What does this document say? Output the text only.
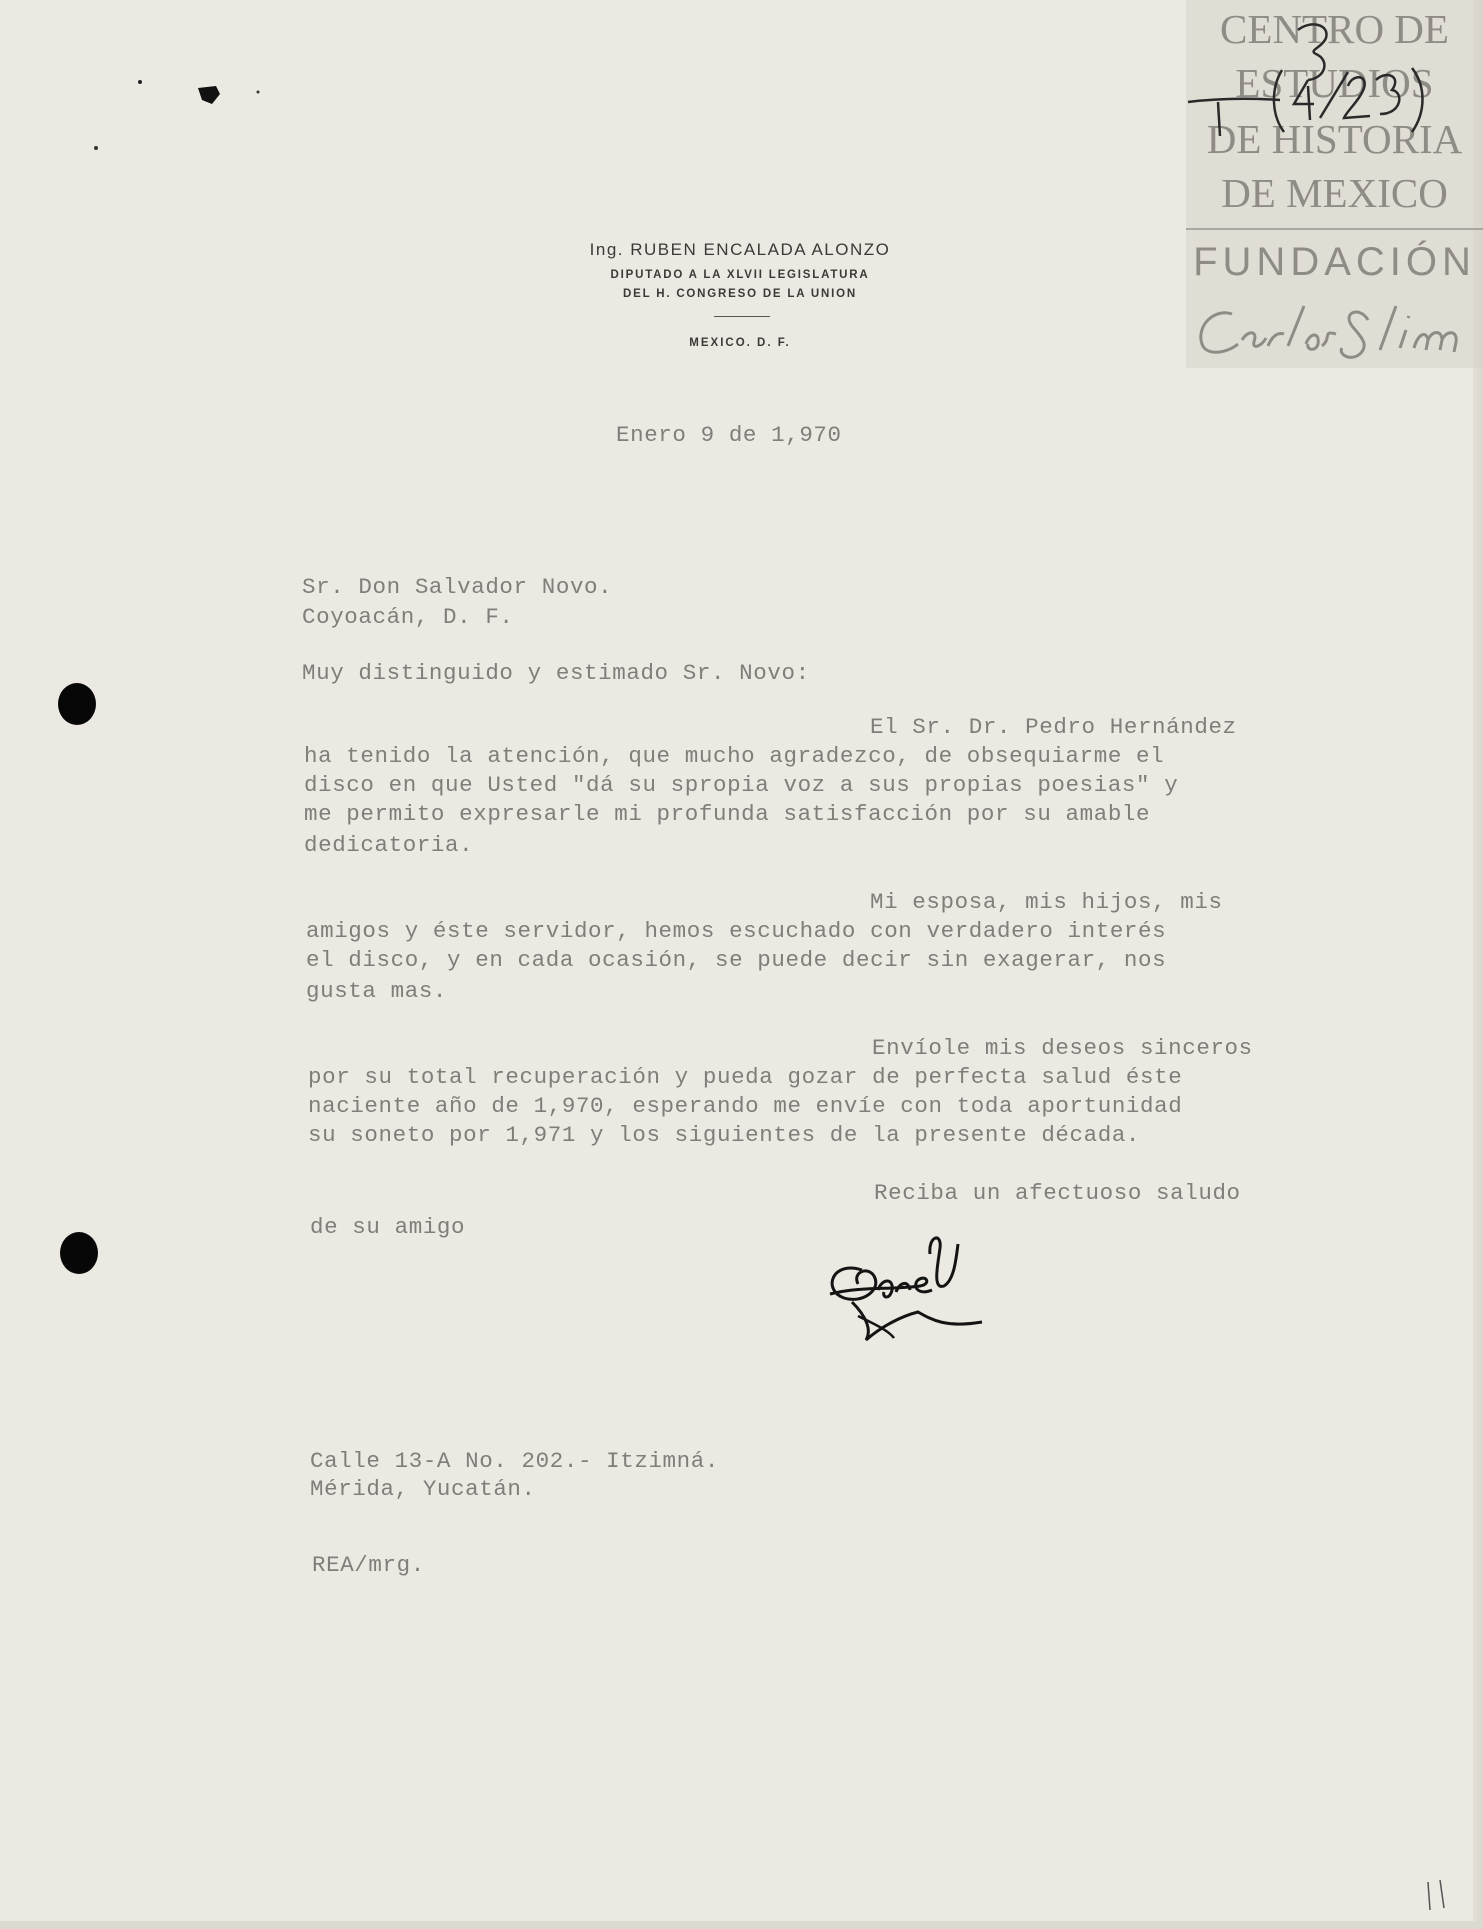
CENTRO DE
ESTUDIOS
DE HISTORIA
DE MEXICO
FUNDACIÓN
Ing. RUBEN ENCALADA ALONZO
DIPUTADO A LA XLVII LEGISLATURA
DEL H. CONGRESO DE LA UNION
MEXICO. D. F.
Enero 9 de 1,970
Sr. Don Salvador Novo.
Coyoacán, D. F.
Muy distinguido y estimado Sr. Novo:
El Sr. Dr. Pedro Hernández
ha tenido la atención, que mucho agradezco, de obsequiarme el
disco en que Usted "dá su spropia voz a sus propias poesias" y
me permito expresarle mi profunda satisfacción por su amable
dedicatoria.
Mi esposa, mis hijos, mis
amigos y éste servidor, hemos escuchado con verdadero interés
el disco, y en cada ocasión, se puede decir sin exagerar, nos
gusta mas.
Envíole mis deseos sinceros
por su total recuperación y pueda gozar de perfecta salud éste
naciente año de 1,970, esperando me envíe con toda aportunidad
su soneto por 1,971 y los siguientes de la presente década.
Reciba un afectuoso saludo
de su amigo
Calle 13-A No. 202.- Itzimná.
Mérida, Yucatán.
REA/mrg.
